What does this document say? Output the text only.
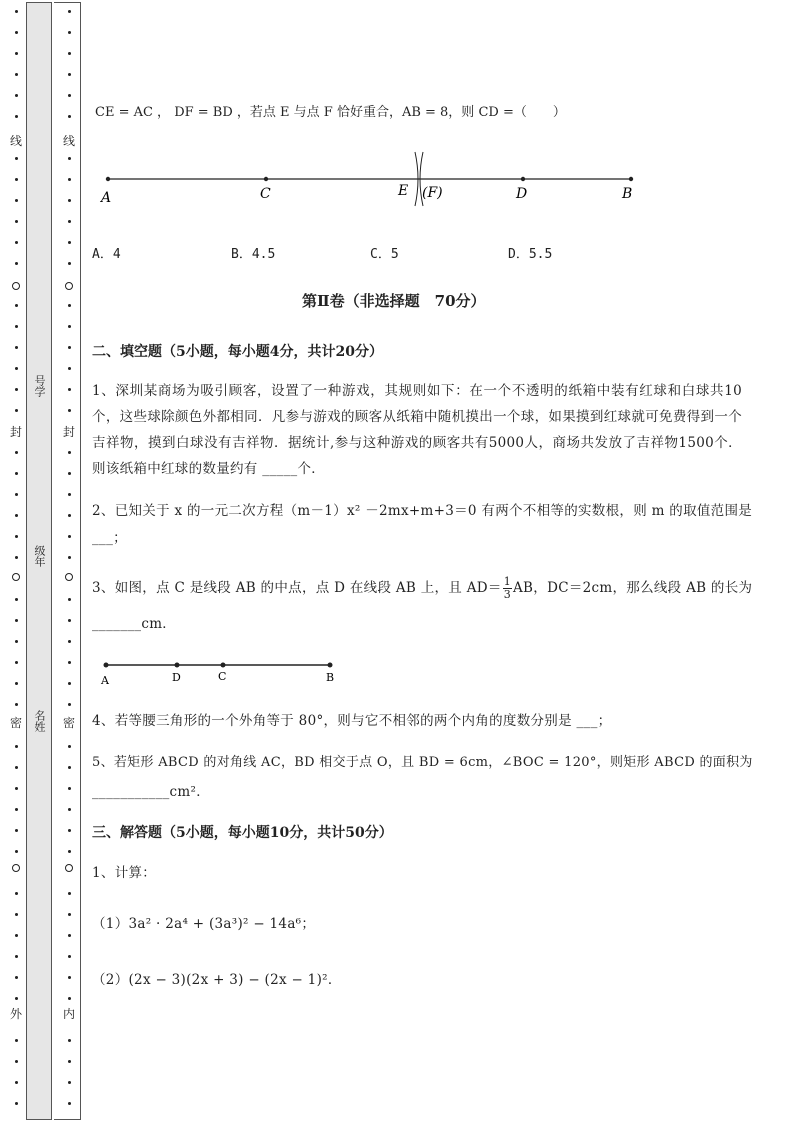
线
封
密
外
线
封
密
内
号学
级年
名姓
CE = AC ， DF = BD ，若点 E 与点 F 恰好重合，AB = 8，则 CD =（　　）
A	C	E (F)	D	B
A．4	B．4.5	C．5	D．5.5
第Ⅱ卷（非选择题　70分）
二、填空题（5小题，每小题4分，共计20分）
1、深圳某商场为吸引顾客，设置了一种游戏，其规则如下：在一个不透明的纸箱中装有红球和白球共10个，这些球除颜色外都相同．凡参与游戏的顾客从纸箱中随机摸出一个球，如果摸到红球就可免费得到一个吉祥物，摸到白球没有吉祥物．据统计,参与这种游戏的顾客共有5000人，商场共发放了吉祥物1500个．则该纸箱中红球的数量约有 _____个．
2、已知关于 x 的一元二次方程（m－1）x² －2mx+m+3＝0 有两个不相等的实数根，则 m 的取值范围是
___；
3、如图，点 C 是线段 AB 的中点，点 D 在线段 AB 上，且 $AD= \frac{1}{3}$ AB，DC＝2cm，那么线段 AB 的长为
_______cm．
A	D	C	B
4、若等腰三角形的一个外角等于 80°，则与它不相邻的两个内角的度数分别是 ___；
5、若矩形 ABCD 的对角线 AC，BD 相交于点 O，且 BD = 6cm，∠BOC = 120°，则矩形 ABCD 的面积为
___________cm²．
三、解答题（5小题，每小题10分，共计50分）
1、计算：
（1）3a² · 2a⁴ + (3a³)² − 14a⁶；
（2）(2x − 3)(2x + 3) − (2x − 1)²．
